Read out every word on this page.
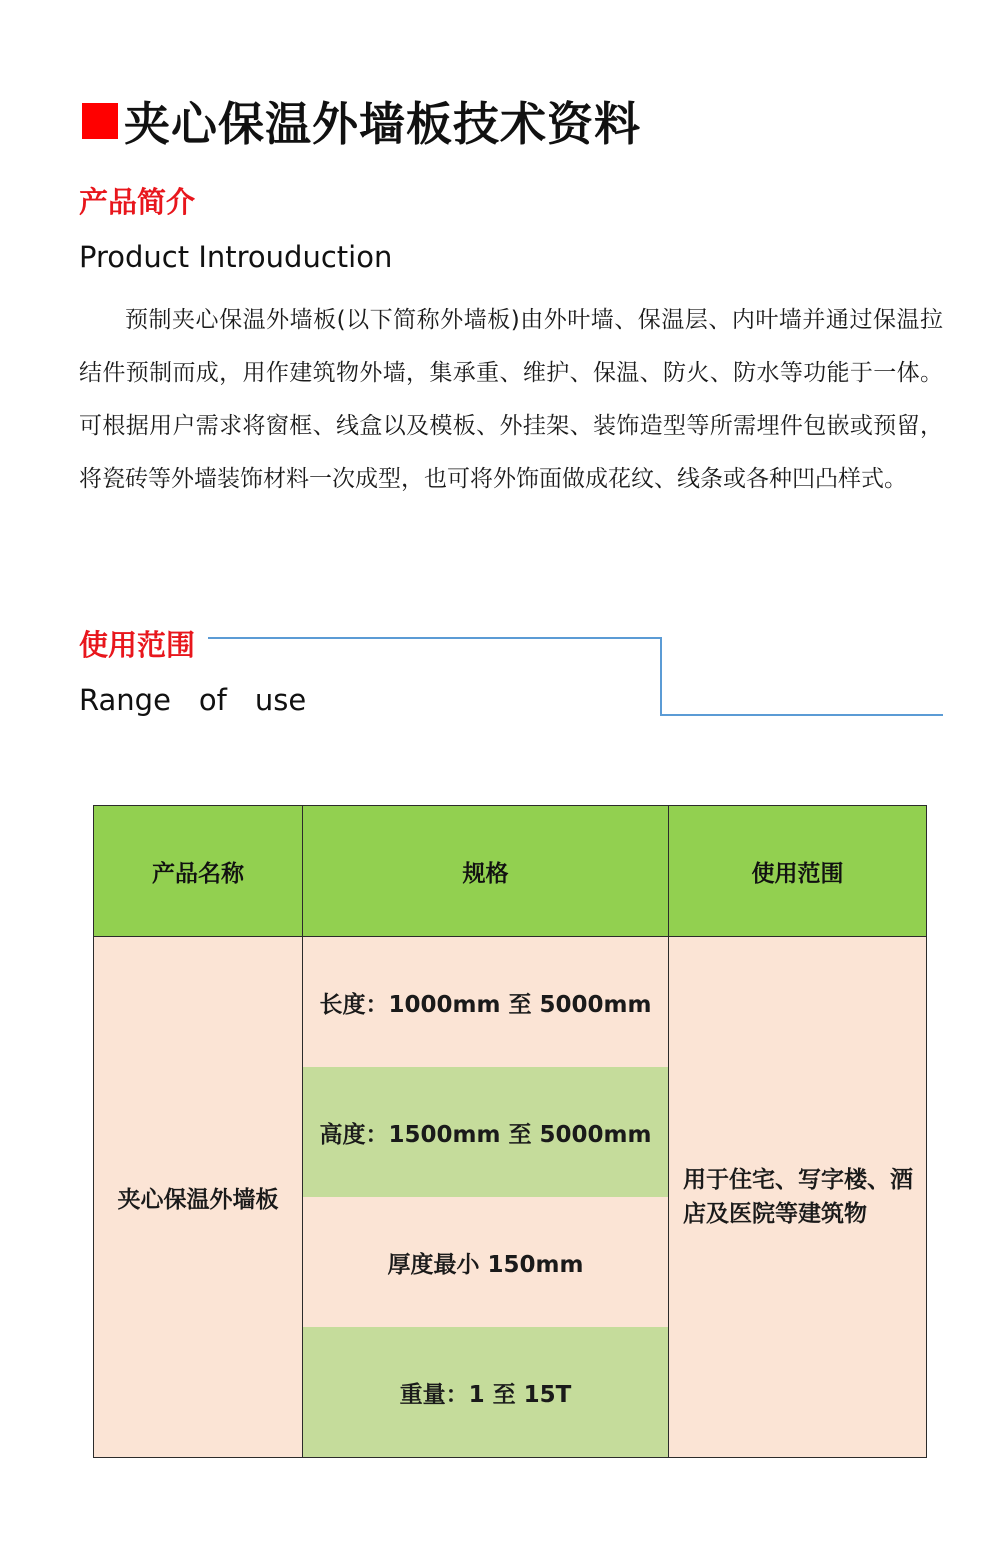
夹心保温外墙板技术资料
产品简介
Product Introuduction

预制夹心保温外墙板(以下简称外墙板)由外叶墙、保温层、内叶墙并通过保温拉结件预制而成，用作建筑物外墙，集承重、维护、保温、防火、防水等功能于一体。可根据用户需求将窗框、线盒以及模板、外挂架、装饰造型等所需埋件包嵌或预留，将瓷砖等外墙装饰材料一次成型，也可将外饰面做成花纹、线条或各种凹凸样式。

使用范围
Range of use
产品名称	规格	使用范围
夹心保温外墙板	长度：1000mm 至 5000mm	用于住宅、写字楼、酒店及医院等建筑物
	高度：1500mm 至 5000mm	
	厚度最小 150mm	
	重量：1 至 15T	
